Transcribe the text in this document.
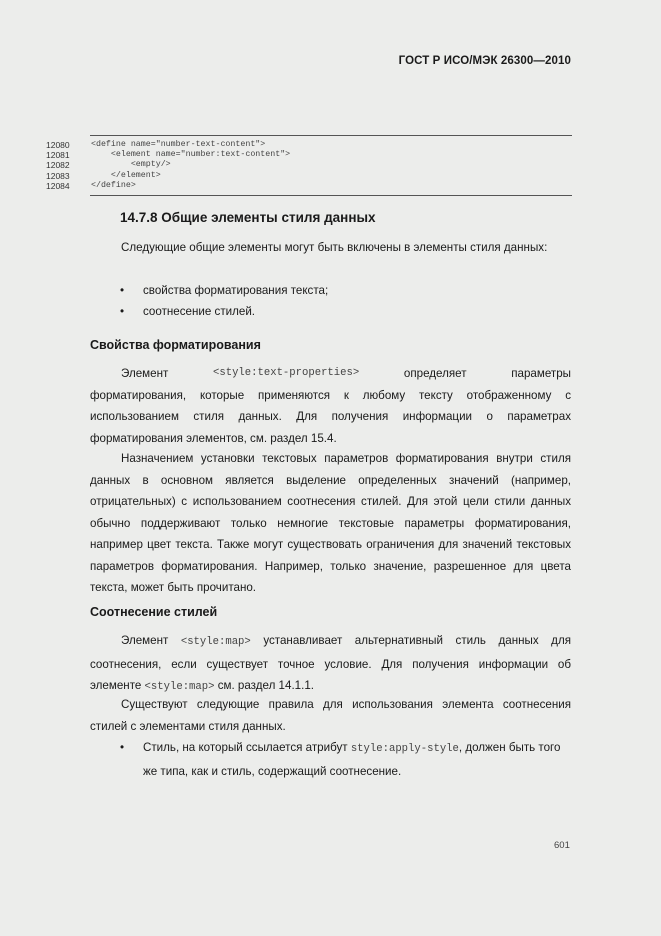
ГОСТ Р ИСО/МЭК 26300—2010
12080	<define name="number-text-content">
12081	<element name="number:text-content">
12082	<empty/>
12083	</element>
12084	</define>
14.7.8 Общие элементы стиля данных

Следующие общие элементы могут быть включены в элементы стиля данных:

• свойства форматирования текста;
• соотнесение стилей.
Свойства форматирования
Элемент	<style:text-properties>	определяет	параметры
форматирования, которые применяются к любому тексту отображенному с использованием стиля данных. Для получения информации о параметрах форматирования элементов, см. раздел 15.4.

Назначением установки текстовых параметров форматирования внутри стиля данных в основном является выделение определенных значений (например, отрицательных) с использованием соотнесения стилей. Для этой цели стили данных обычно поддерживают только немногие текстовые параметры форматирования, например цвет текста. Также могут существовать ограничения для значений текстовых параметров форматирования. Например, только значение, разрешенное для цвета текста, может быть прочитано.

Соотнесение стилей

Элемент <style:map> устанавливает альтернативный стиль данных для соотнесения, если существует точное условие. Для получения информации об элементе <style:map> см. раздел 14.1.1.

Существуют следующие правила для использования элемента соотнесения стилей с элементами стиля данных.

• Стиль, на который ссылается атрибут style:apply-style, должен быть того же типа, как и стиль, содержащий соотнесение.
601
